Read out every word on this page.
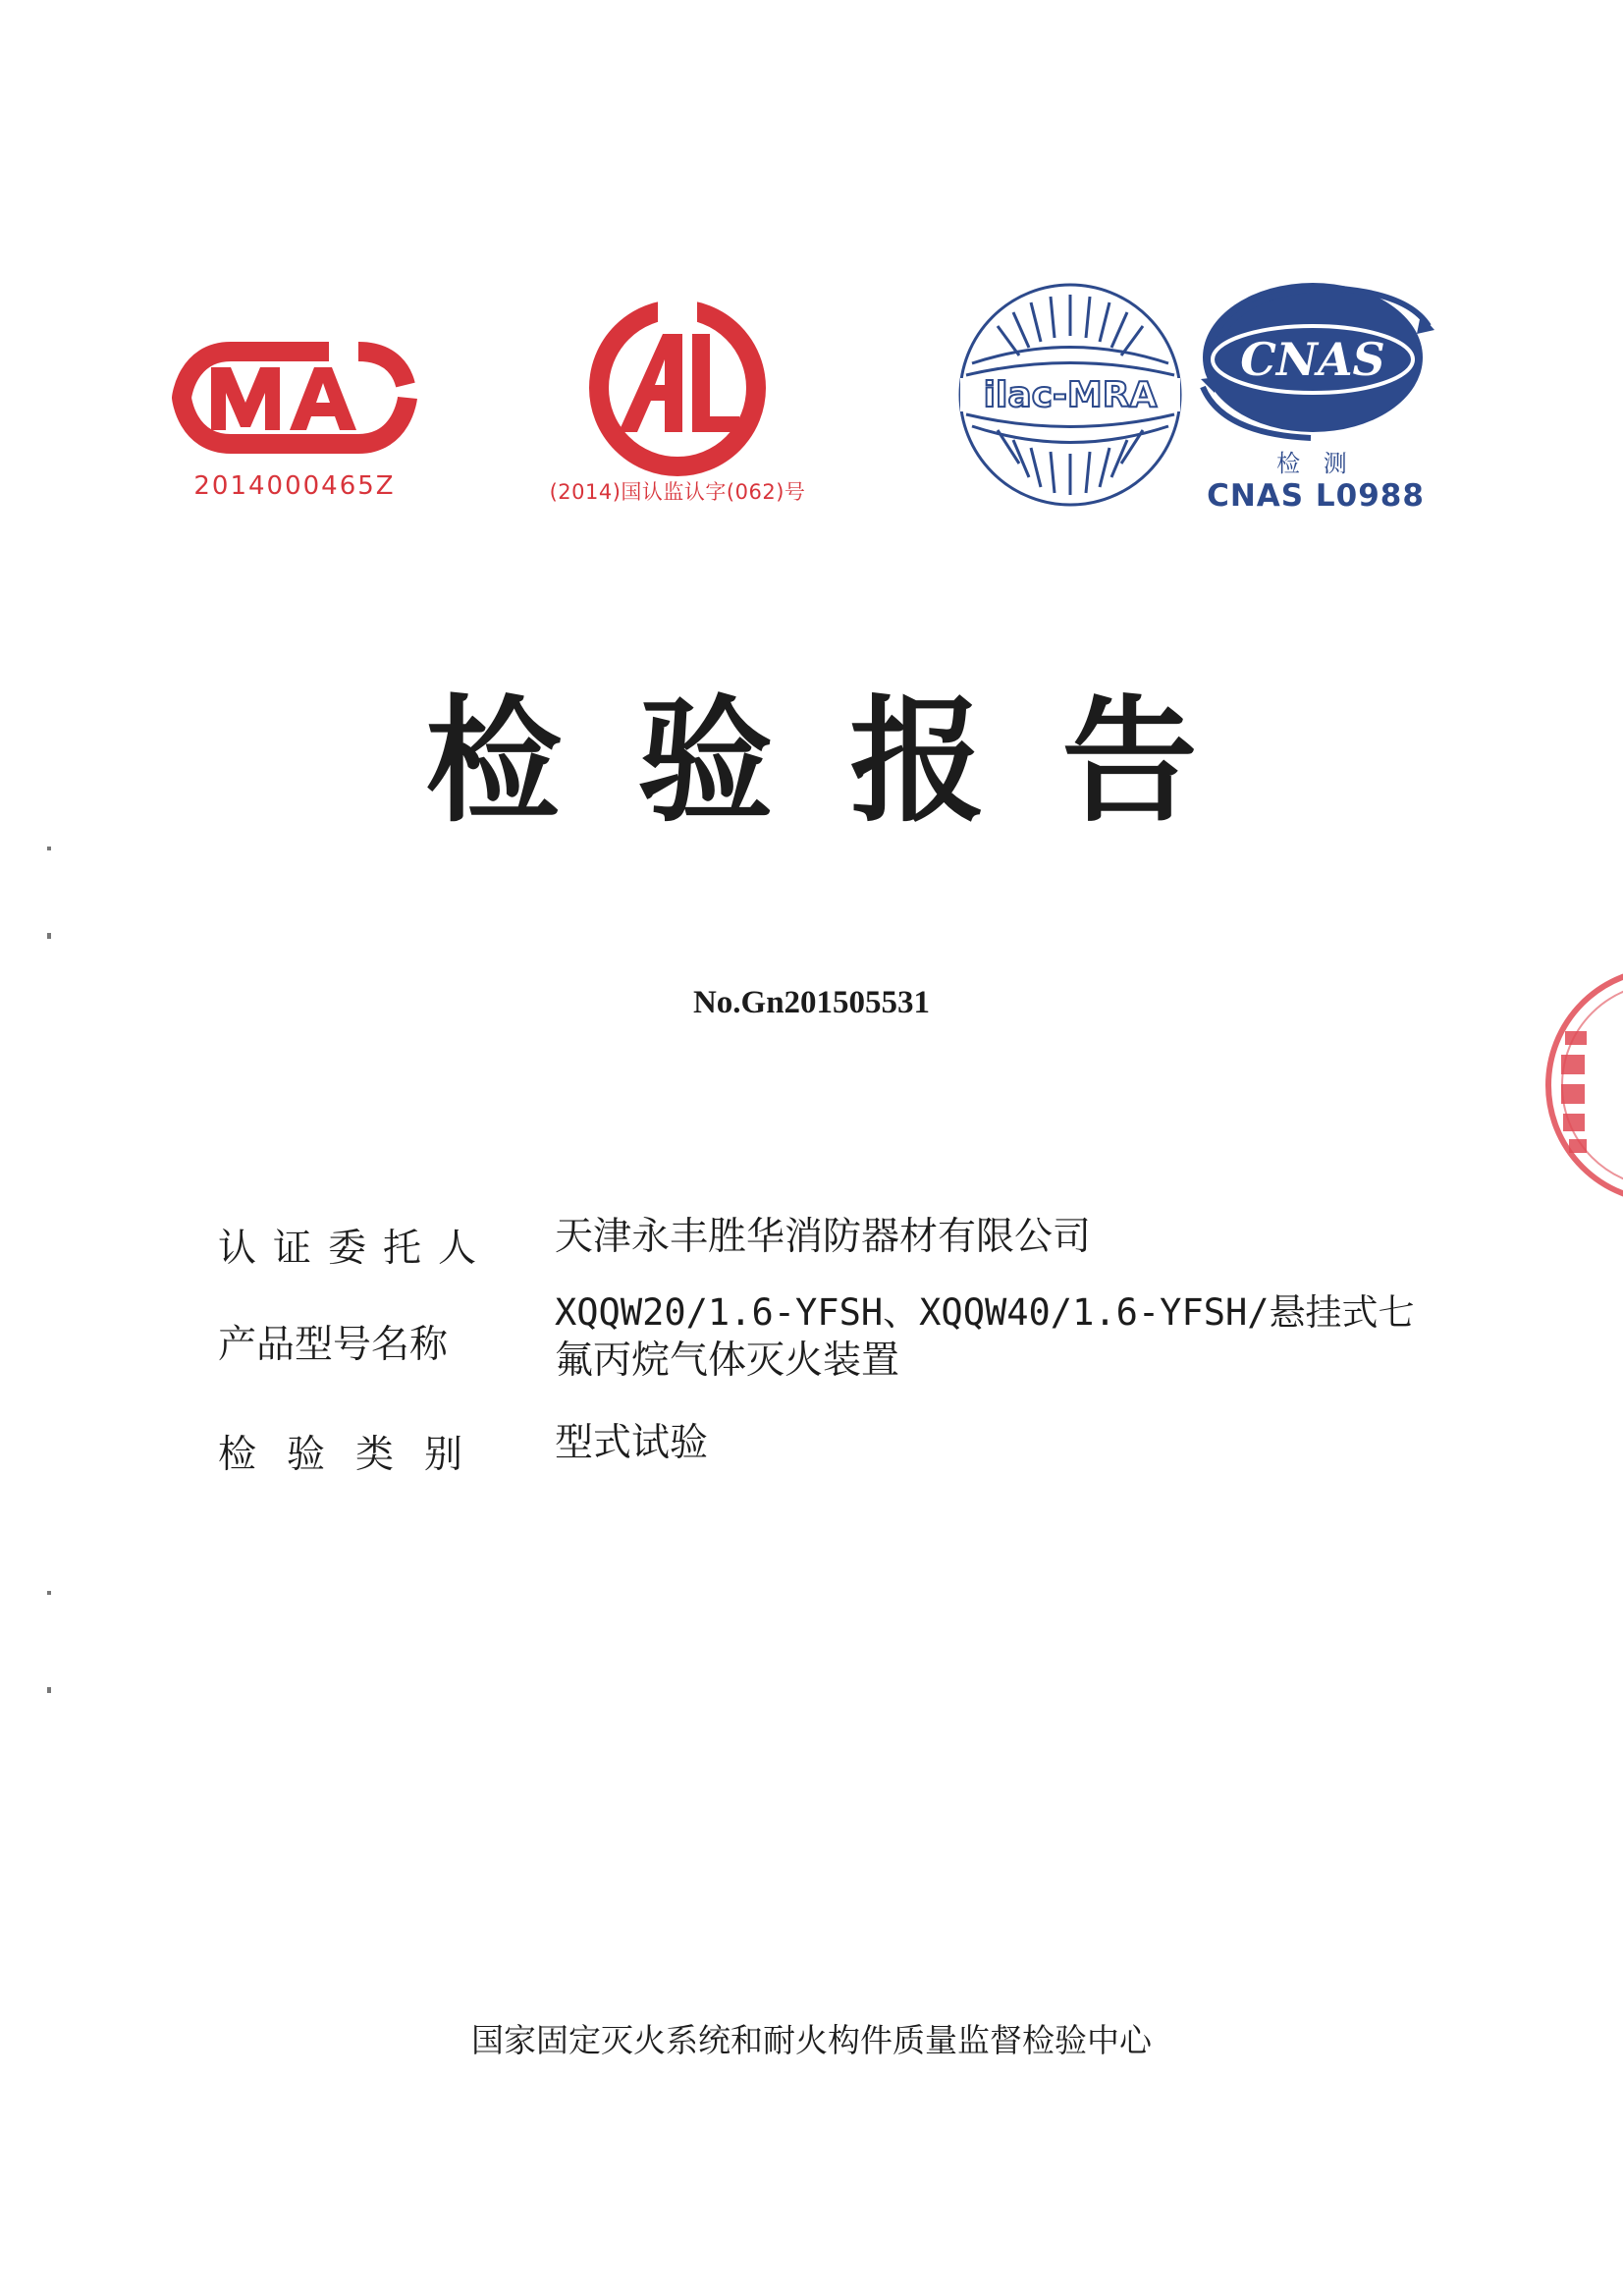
2014000465Z	(2014)国认监认字(062)号
ilac-MRA
CNAS
检 测
CNAS L0988
检验报告
No.Gn201505531
认证委托人 天津永丰胜华消防器材有限公司
产品型号名称
XQQW20/1.6-YFSH、XQQW40/1.6-YFSH/悬挂式七
氟丙烷气体灭火装置
检验类别 型式试验
国家固定灭火系统和耐火构件质量监督检验中心
